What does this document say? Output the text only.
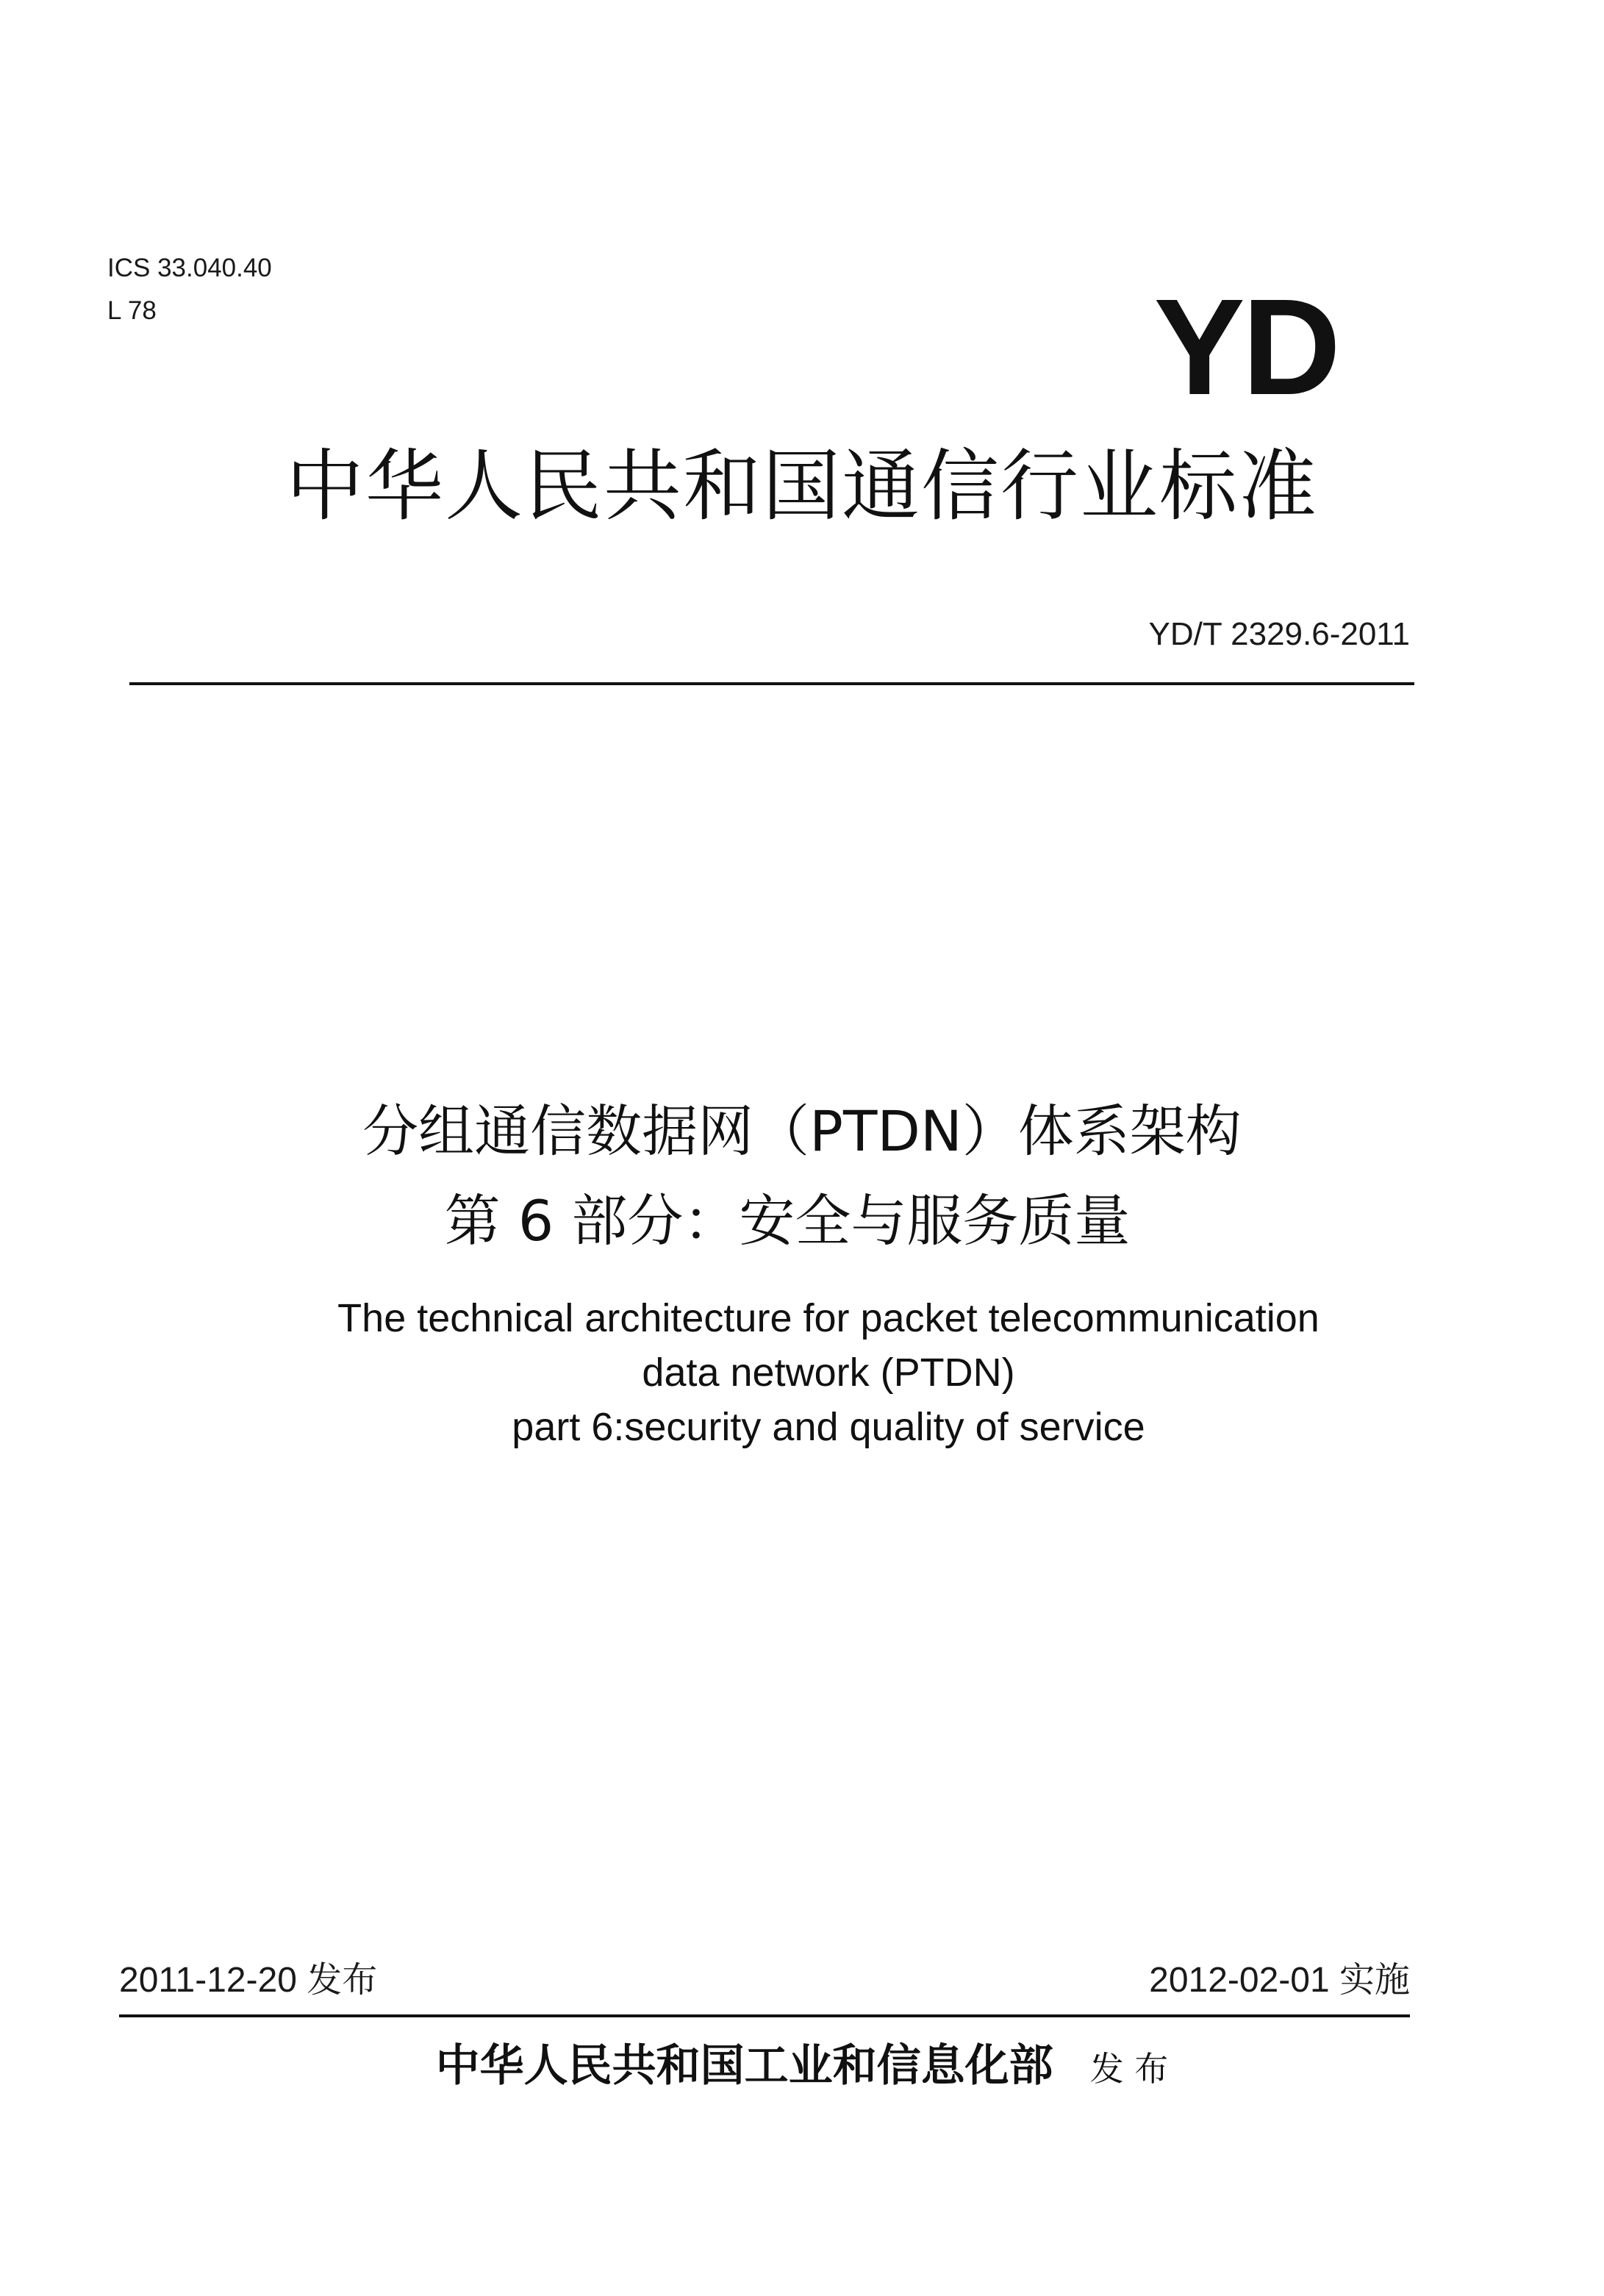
ICS 33.040.40
L 78	YD
中华人民共和国通信行业标准
YD/T 2329.6-2011
分组通信数据网（PTDN）体系架构
第 6 部分：安全与服务质量
The technical architecture for packet telecommunication
data network (PTDN)
part 6:security and quality of service
2011-12-20 发布	2012-02-01 实施
中华人民共和国工业和信息化部 发 布
